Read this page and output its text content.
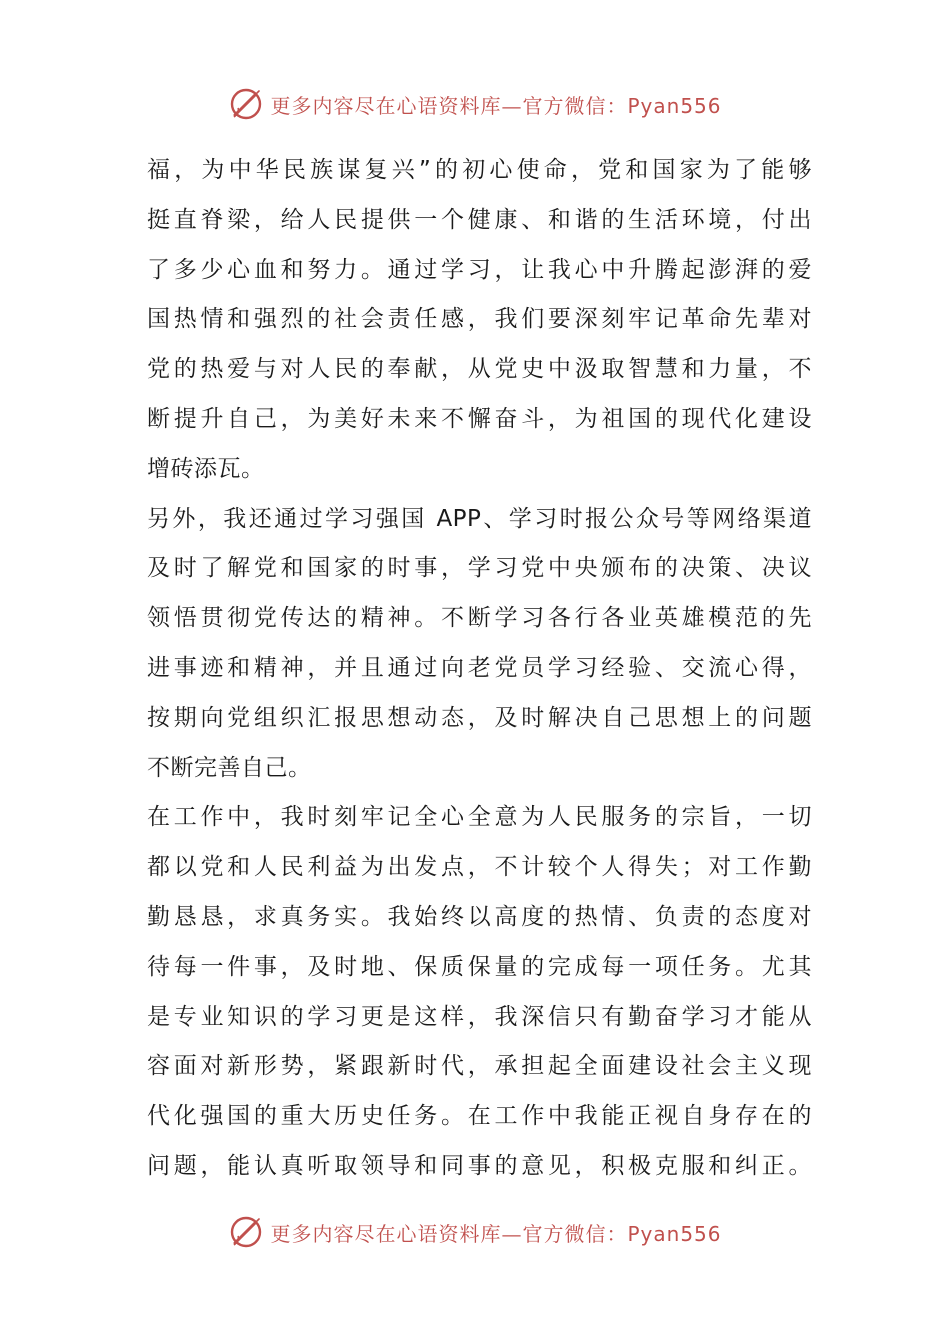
更多内容尽在心语资料库—官方微信：Pyan556
福，为中华民族谋复兴”的初心使命，党和国家为了能够
挺直脊梁，给人民提供一个健康、和谐的生活环境，付出
了多少心血和努力。通过学习，让我心中升腾起澎湃的爱
国热情和强烈的社会责任感，我们要深刻牢记革命先辈对
党的热爱与对人民的奉献，从党史中汲取智慧和力量，不
断提升自己，为美好未来不懈奋斗，为祖国的现代化建设
增砖添瓦。
另外，我还通过学习强国 APP、学习时报公众号等网络渠道
及时了解党和国家的时事，学习党中央颁布的决策、决议
领悟贯彻党传达的精神。不断学习各行各业英雄模范的先
进事迹和精神，并且通过向老党员学习经验、交流心得，
按期向党组织汇报思想动态，及时解决自己思想上的问题
不断完善自己。
在工作中，我时刻牢记全心全意为人民服务的宗旨，一切
都以党和人民利益为出发点，不计较个人得失；对工作勤
勤恳恳，求真务实。我始终以高度的热情、负责的态度对
待每一件事，及时地、保质保量的完成每一项任务。尤其
是专业知识的学习更是这样，我深信只有勤奋学习才能从
容面对新形势，紧跟新时代，承担起全面建设社会主义现
代化强国的重大历史任务。在工作中我能正视自身存在的
问题，能认真听取领导和同事的意见，积极克服和纠正。
更多内容尽在心语资料库—官方微信：Pyan556
